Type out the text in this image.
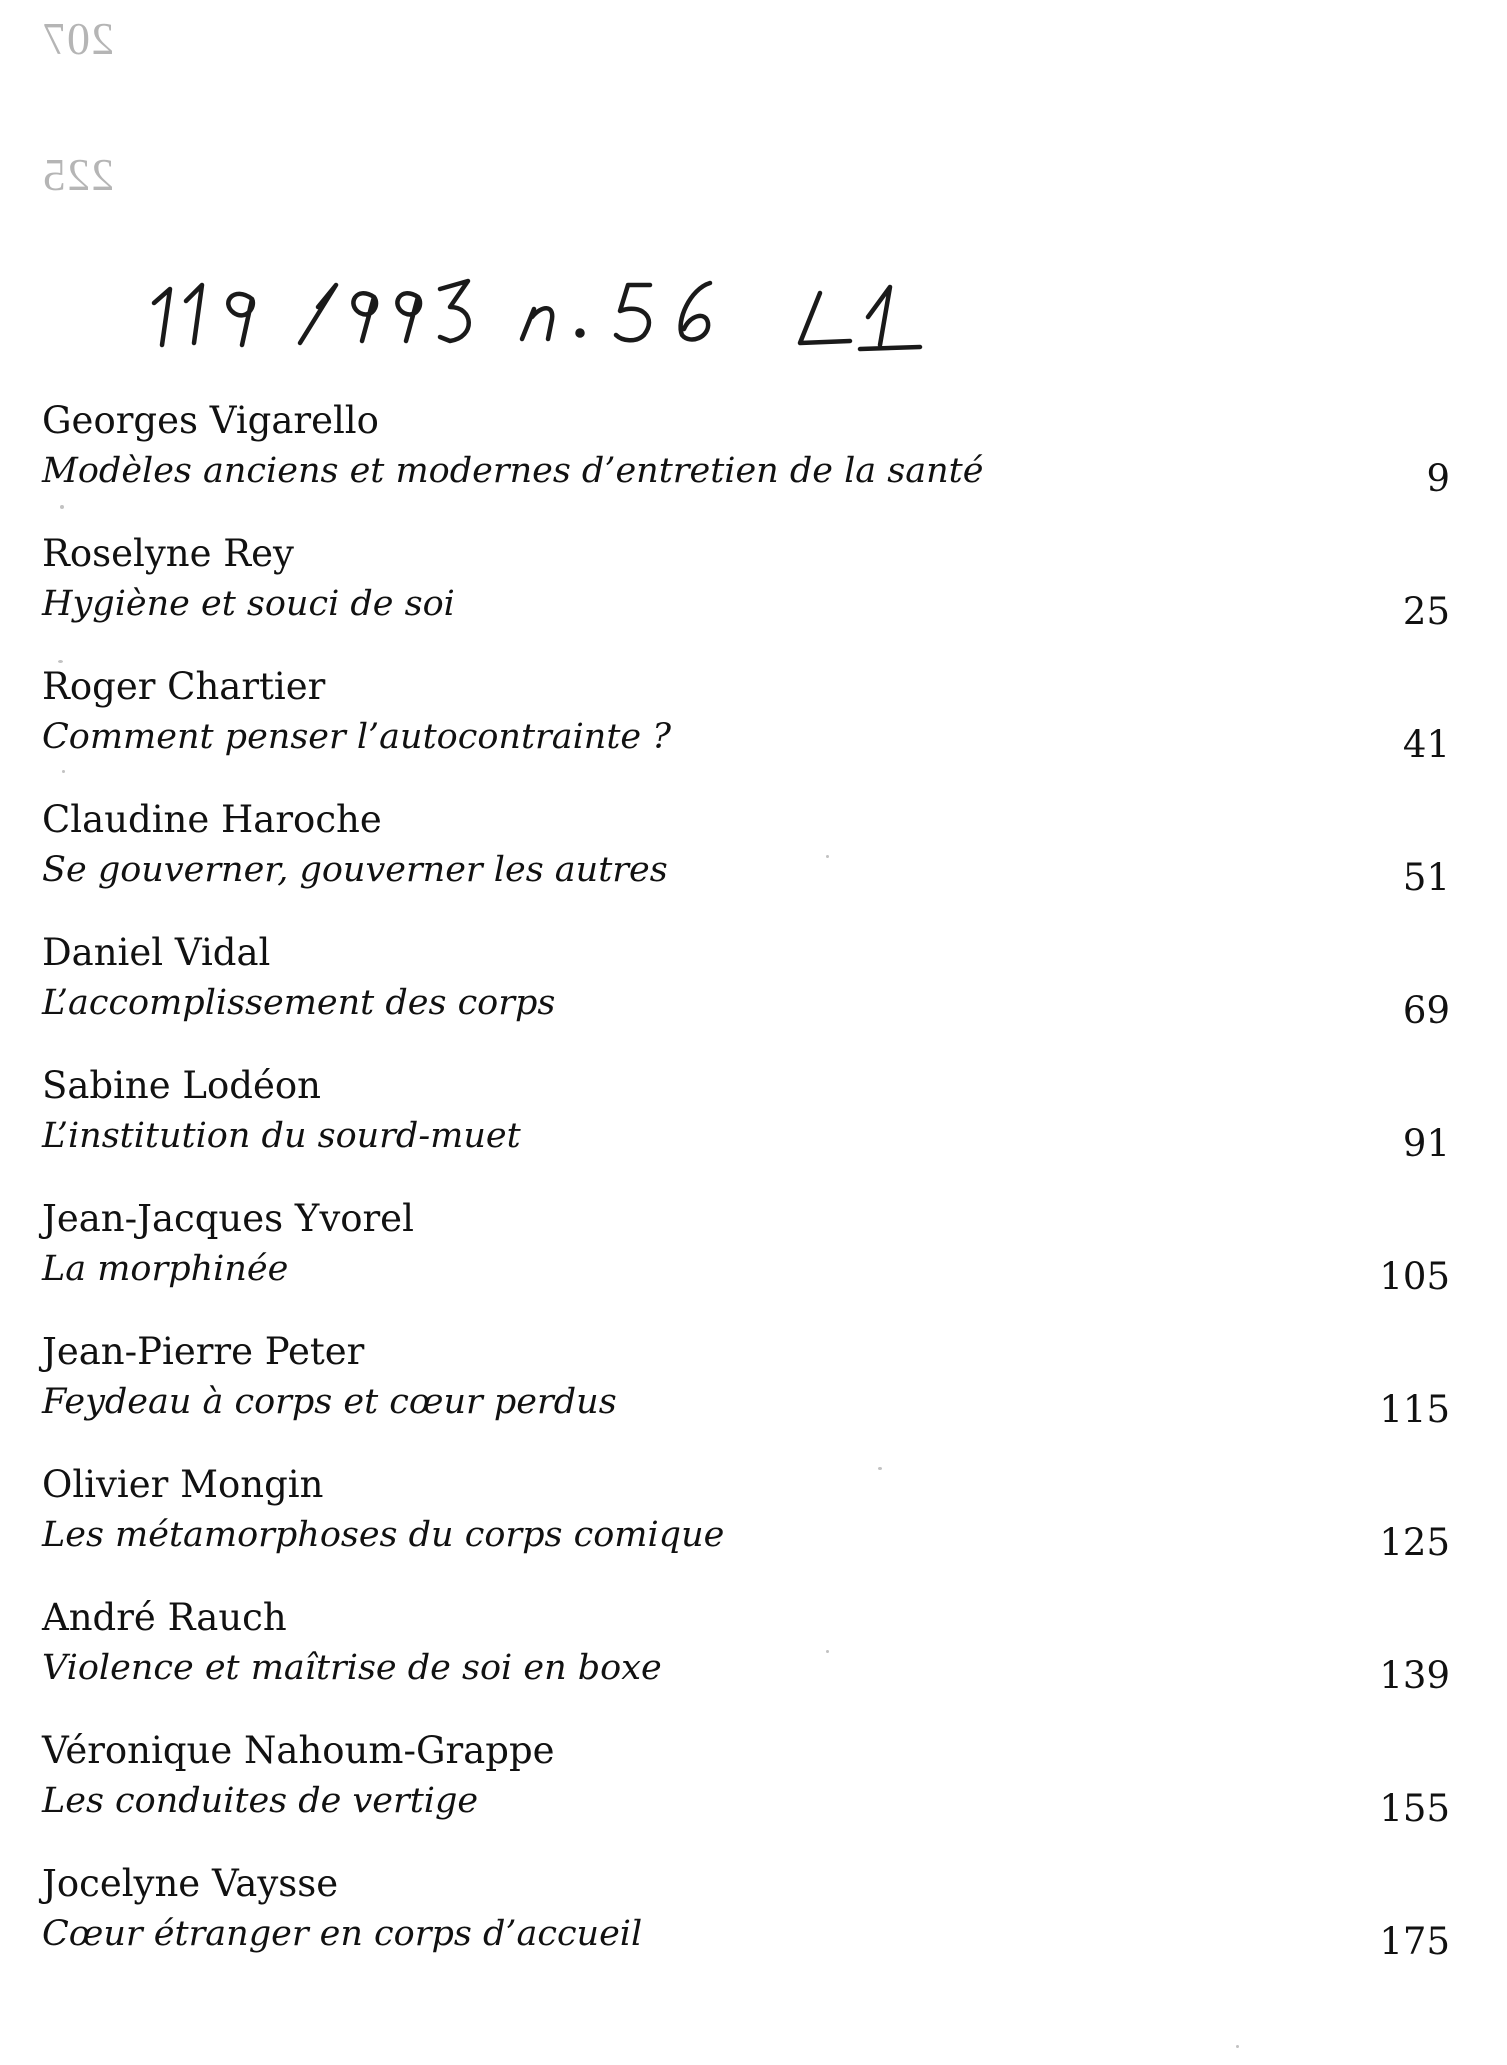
207
225
Georges Vigarello
Modèles anciens et modernes d’entretien de la santé	9
Roselyne Rey
Hygiène et souci de soi	25
Roger Chartier
Comment penser l’autocontrainte ?	41
Claudine Haroche
Se gouverner, gouverner les autres	51
Daniel Vidal
L’accomplissement des corps	69
Sabine Lodéon
L’institution du sourd-muet	91
Jean-Jacques Yvorel
La morphinée	105
Jean-Pierre Peter
Feydeau à corps et cœur perdus	115
Olivier Mongin
Les métamorphoses du corps comique	125
André Rauch
Violence et maîtrise de soi en boxe	139
Véronique Nahoum-Grappe
Les conduites de vertige	155
Jocelyne Vaysse
Cœur étranger en corps d’accueil	175
